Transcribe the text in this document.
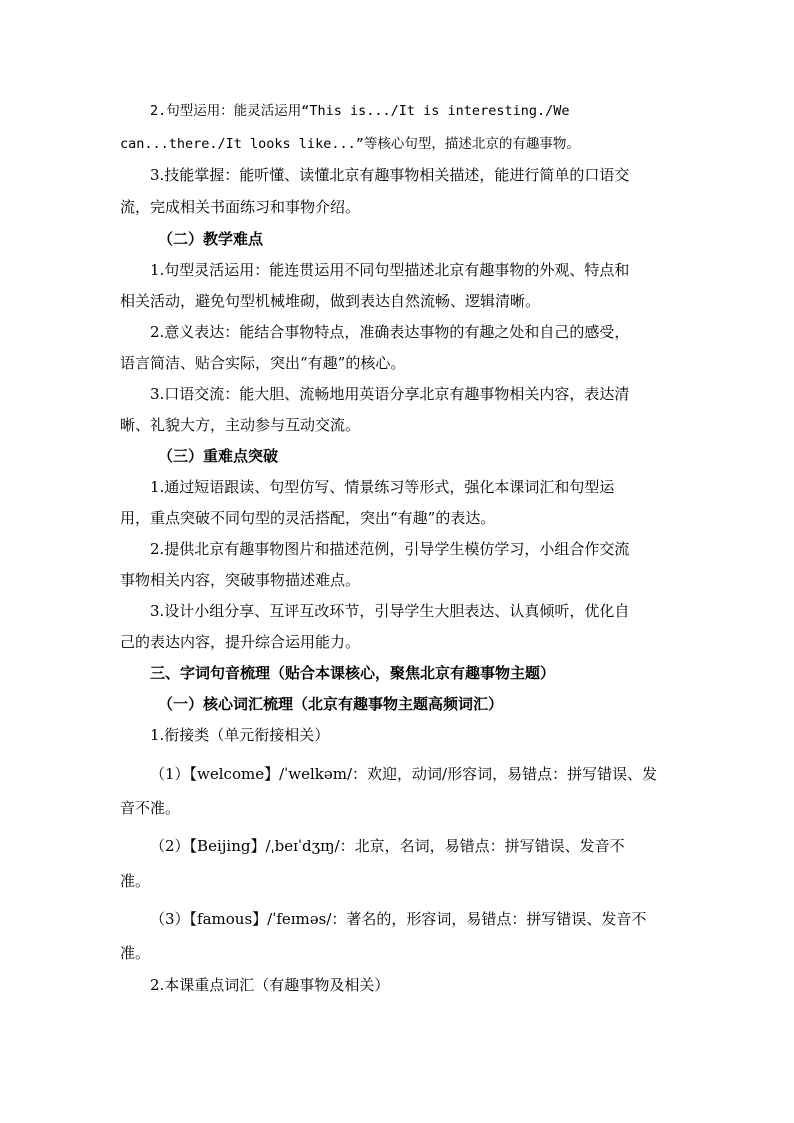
2.句型运用：能灵活运用“This is.../It is interesting./We
can...there./It looks like...”等核心句型，描述北京的有趣事物。
3.技能掌握：能听懂、读懂北京有趣事物相关描述，能进行简单的口语交
流，完成相关书面练习和事物介绍。
（二）教学难点
1.句型灵活运用：能连贯运用不同句型描述北京有趣事物的外观、特点和
相关活动，避免句型机械堆砌，做到表达自然流畅、逻辑清晰。
2.意义表达：能结合事物特点，准确表达事物的有趣之处和自己的感受，
语言简洁、贴合实际，突出“有趣”的核心。
3.口语交流：能大胆、流畅地用英语分享北京有趣事物相关内容，表达清
晰、礼貌大方，主动参与互动交流。
（三）重难点突破
1.通过短语跟读、句型仿写、情景练习等形式，强化本课词汇和句型运
用，重点突破不同句型的灵活搭配，突出“有趣”的表达。
2.提供北京有趣事物图片和描述范例，引导学生模仿学习，小组合作交流
事物相关内容，突破事物描述难点。
3.设计小组分享、互评互改环节，引导学生大胆表达、认真倾听，优化自
己的表达内容，提升综合运用能力。
三、字词句音梳理（贴合本课核心，聚焦北京有趣事物主题）
（一）核心词汇梳理（北京有趣事物主题高频词汇）
1.衔接类（单元衔接相关）
（1）【welcome】/ˈwelkəm/：欢迎，动词/形容词，易错点：拼写错误、发
音不准。
（2）【Beijing】/ˌbeɪˈdʒɪŋ/：北京，名词，易错点：拼写错误、发音不
准。
（3）【famous】/ˈfeɪməs/：著名的，形容词，易错点：拼写错误、发音不
准。
2.本课重点词汇（有趣事物及相关）
